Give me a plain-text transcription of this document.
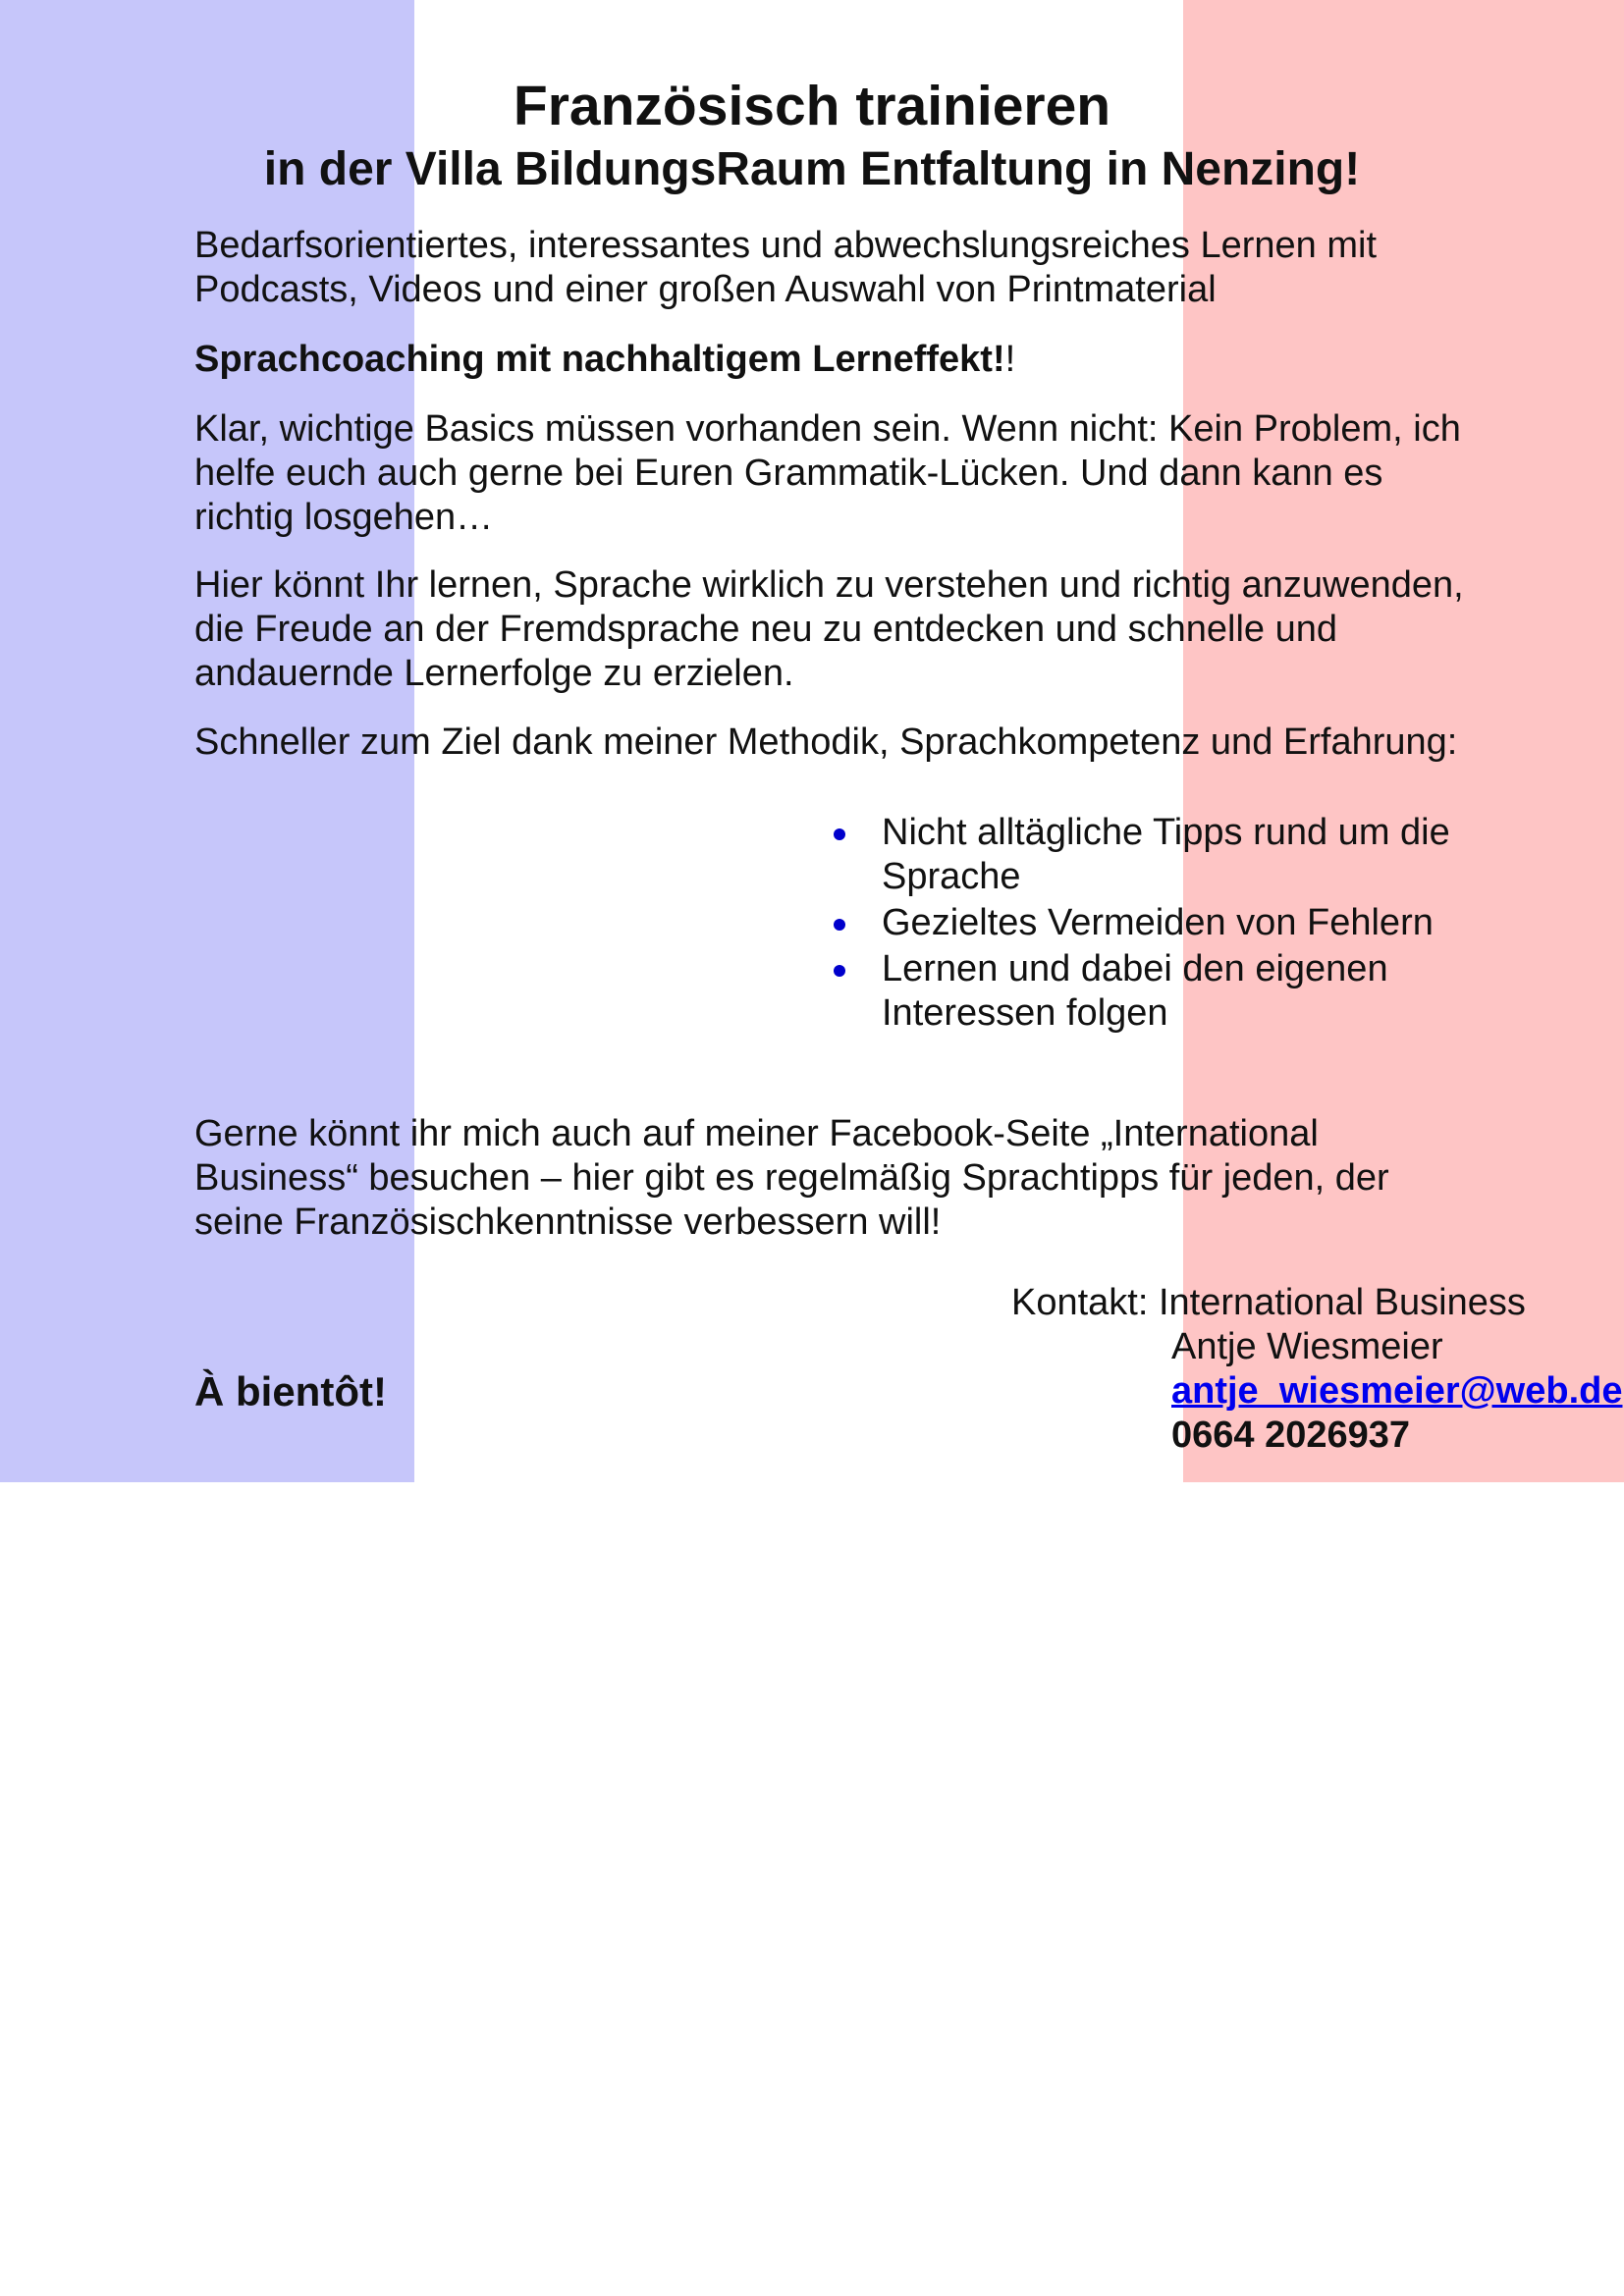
Französisch trainieren
in der Villa BildungsRaum Entfaltung in Nenzing!

Bedarfsorientiertes, interessantes und abwechslungsreiches Lernen mit Podcasts, Videos und einer großen Auswahl von Printmaterial

Sprachcoaching mit nachhaltigem Lerneffekt!!

Klar, wichtige Basics müssen vorhanden sein. Wenn nicht: Kein Problem, ich helfe euch auch gerne bei Euren Grammatik-Lücken. Und dann kann es richtig losgehen…

Hier könnt Ihr lernen, Sprache wirklich zu verstehen und richtig anzuwenden, die Freude an der Fremdsprache neu zu entdecken und schnelle und andauernde Lernerfolge zu erzielen.

Schneller zum Ziel dank meiner Methodik, Sprachkompetenz und Erfahrung:

Nicht alltägliche Tipps rund um die Sprache
Gezieltes Vermeiden von Fehlern
Lernen und dabei den eigenen Interessen folgen

Gerne könnt ihr mich auch auf meiner Facebook-Seite „International Business“ besuchen – hier gibt es regelmäßig Sprachtipps für jeden, der seine Französischkenntnisse verbessern will!

Kontakt: International Business

Antje Wiesmeier
antje_wiesmeier@web.de
0664 2026937

À bientôt!
